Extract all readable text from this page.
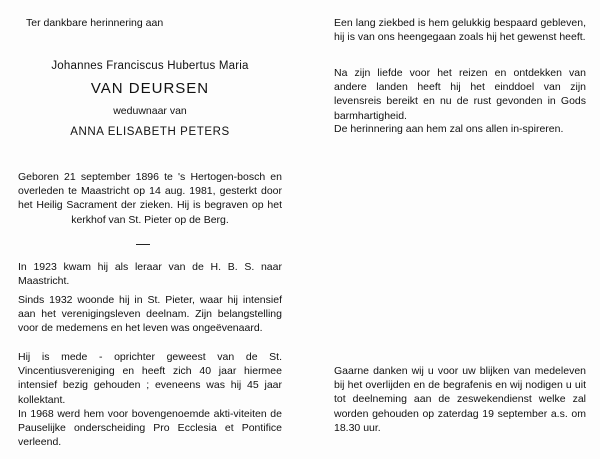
Ter dankbare herinnering aan

Johannes Franciscus Hubertus Maria

VAN DEURSEN

weduwnaar van

ANNA ELISABETH PETERS

Geboren 21 september 1896 te 's Hertogen-bosch en overleden te Maastricht op 14 aug. 1981, gesterkt door het Heilig Sacrament der zieken. Hij is begraven op het kerkhof van St. Pieter op de Berg.

In 1923 kwam hij als leraar van de H. B. S. naar Maastricht.

Sinds 1932 woonde hij in St. Pieter, waar hij intensief aan het verenigingsleven deelnam. Zijn belangstelling voor de medemens en het leven was ongeëvenaard.

Hij is mede - oprichter geweest van de St. Vincentiusvereniging en heeft zich 40 jaar hiermee intensief bezig gehouden ; eveneens was hij 45 jaar kollektant.

In 1968 werd hem voor bovengenoemde akti-viteiten de Pauselijke onderscheiding Pro Ecclesia et Pontifice verleend.

Een lang ziekbed is hem gelukkig bespaard gebleven, hij is van ons heengegaan zoals hij het gewenst heeft.

Na zijn liefde voor het reizen en ontdekken van andere landen heeft hij het einddoel van zijn levensreis bereikt en nu de rust gevonden in Gods barmhartigheid.

De herinnering aan hem zal ons allen in-spireren.

Gaarne danken wij u voor uw blijken van medeleven bij het overlijden en de begrafenis en wij nodigen u uit tot deelneming aan de zeswekendienst welke zal worden gehouden op zaterdag 19 september a.s. om 18.30 uur.
